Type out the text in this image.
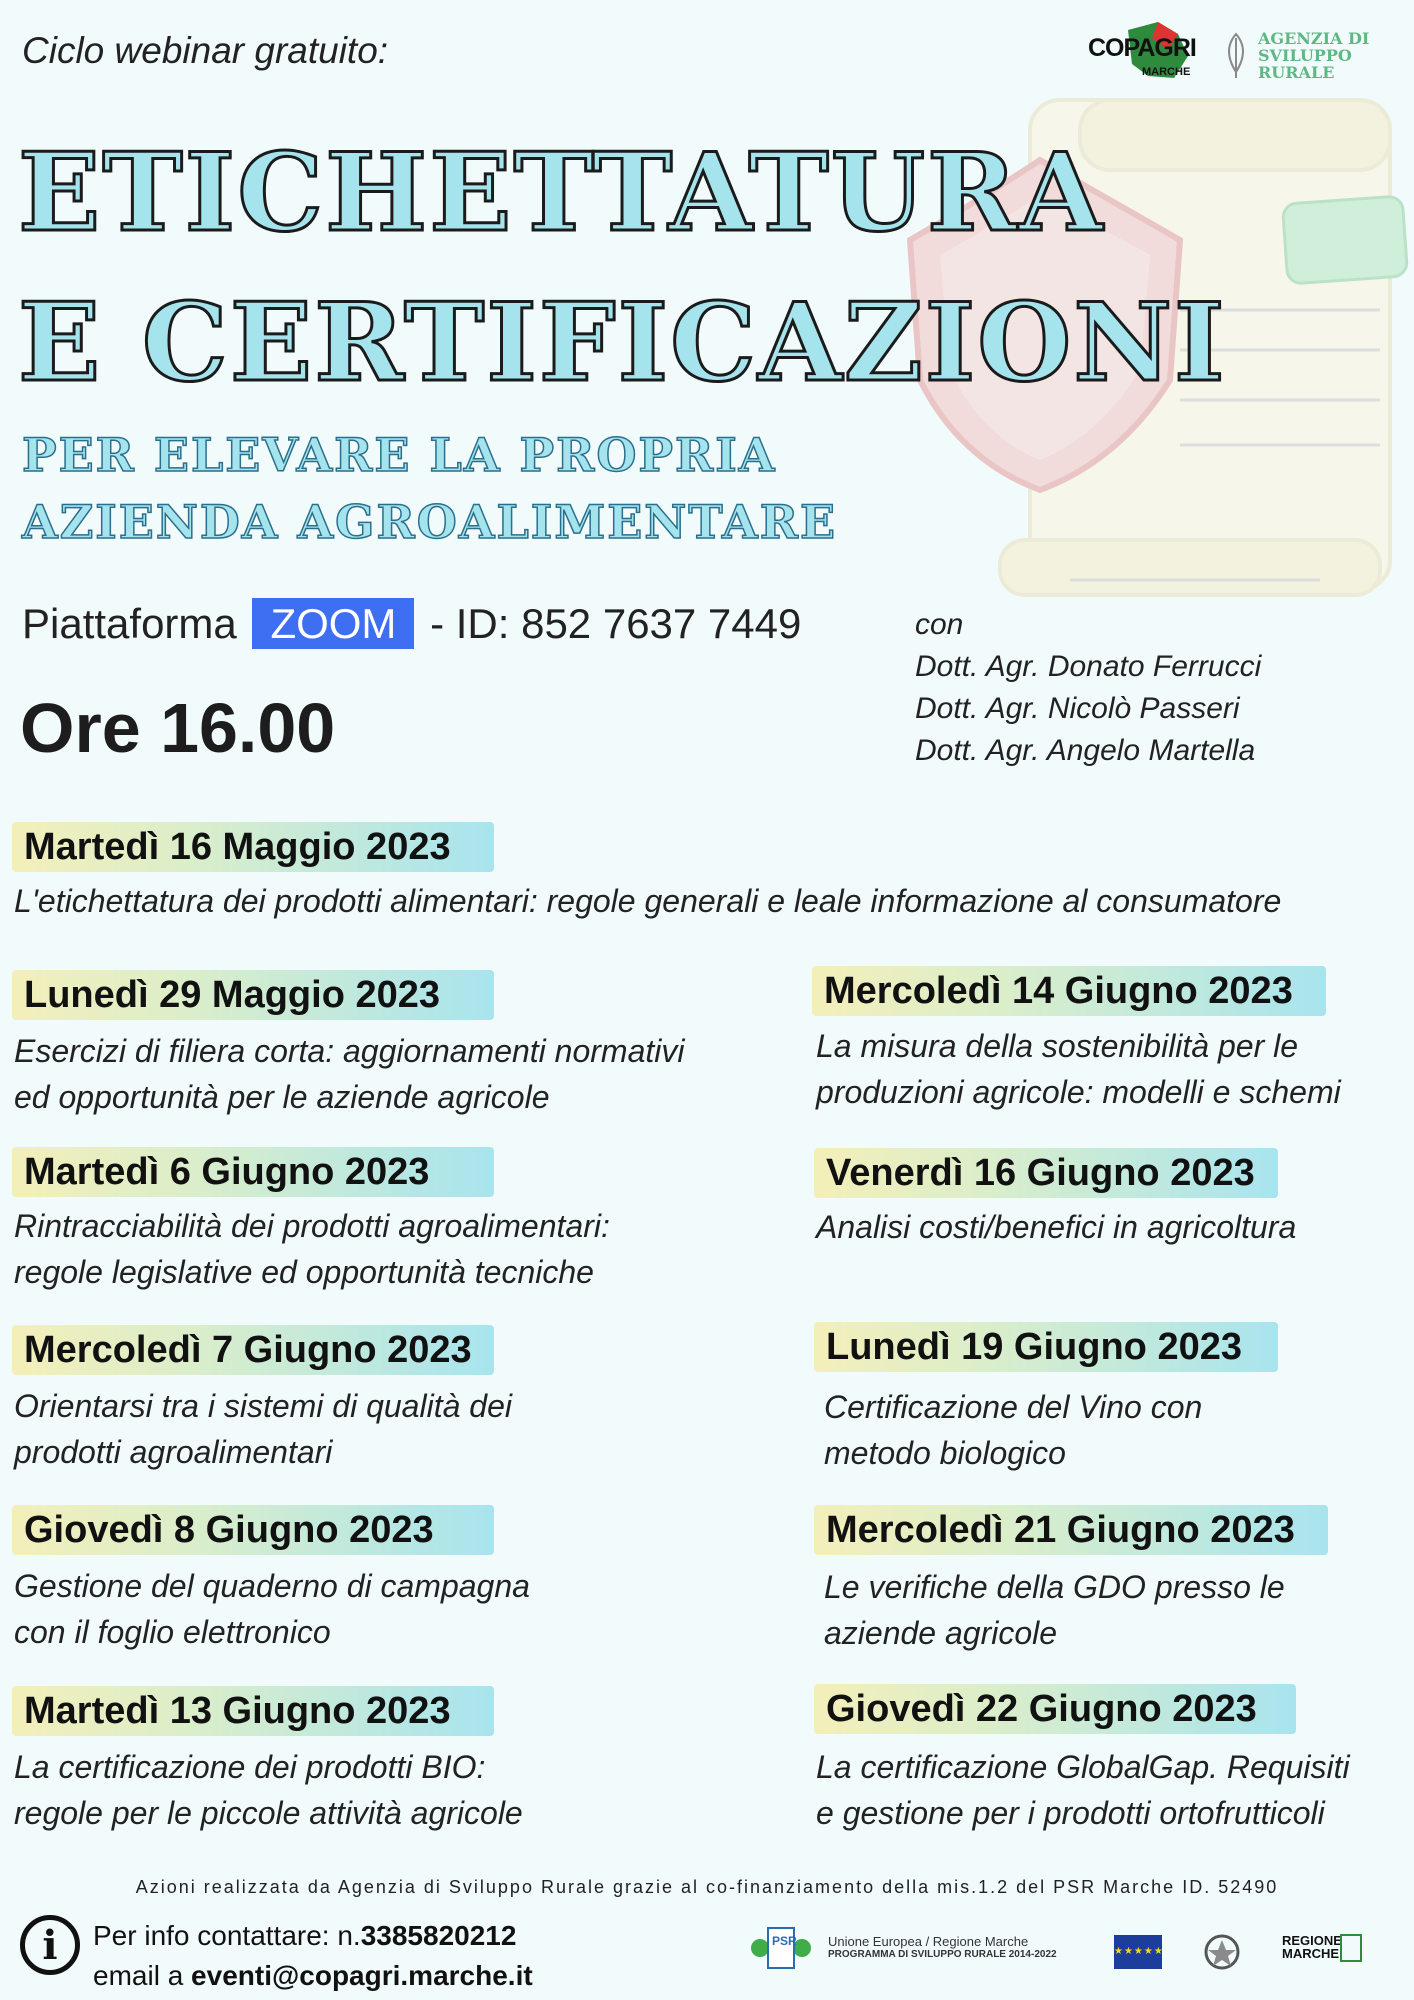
Ciclo webinar gratuito:	COPAGRI
MARCHE
AGENZIA DI SVILUPPO RURALE
ETICHETTATURA
E CERTIFICAZIONI
PER ELEVARE LA PROPRIA
AZIENDA AGROALIMENTARE
Piattaforma ZOOM - ID: 852 7637 7449
Ore 16.00
con
Dott. Agr. Donato Ferrucci
Dott. Agr. Nicolò Passeri
Dott. Agr. Angelo Martella
Martedì 16 Maggio 2023
L'etichettatura dei prodotti alimentari: regole generali e leale informazione al consumatore
Lunedì 29 Maggio 2023
Esercizi di filiera corta: aggiornamenti normativi
ed opportunità per le aziende agricole
Martedì 6 Giugno 2023
Rintracciabilità dei prodotti agroalimentari:
regole legislative ed opportunità tecniche
Mercoledì 7 Giugno 2023
Orientarsi tra i sistemi di qualità dei
prodotti agroalimentari
Giovedì 8 Giugno 2023
Gestione del quaderno di campagna
con il foglio elettronico
Martedì 13 Giugno 2023
La certificazione dei prodotti BIO:
regole per le piccole attività agricole
Mercoledì 14 Giugno 2023
La misura della sostenibilità per le
produzioni agricole: modelli e schemi
Venerdì 16 Giugno 2023
Analisi costi/benefici in agricoltura
Lunedì 19 Giugno 2023
Certificazione del Vino con
metodo biologico
Mercoledì 21 Giugno 2023
Le verifiche della GDO presso le
aziende agricole
Giovedì 22 Giugno 2023
La certificazione GlobalGap. Requisiti
e gestione per i prodotti ortofrutticoli
Azioni realizzata da Agenzia di Sviluppo Rurale grazie al co-finanziamento della mis.1.2 del PSR Marche ID. 52490
i	Per info contattare: n.3385820212
email a eventi@copagri.marche.it
PSR Unione Europea / Regione Marche
PROGRAMMA DI SVILUPPO RURALE 2014-2022	★★★★★
REGIONE MARCHE
